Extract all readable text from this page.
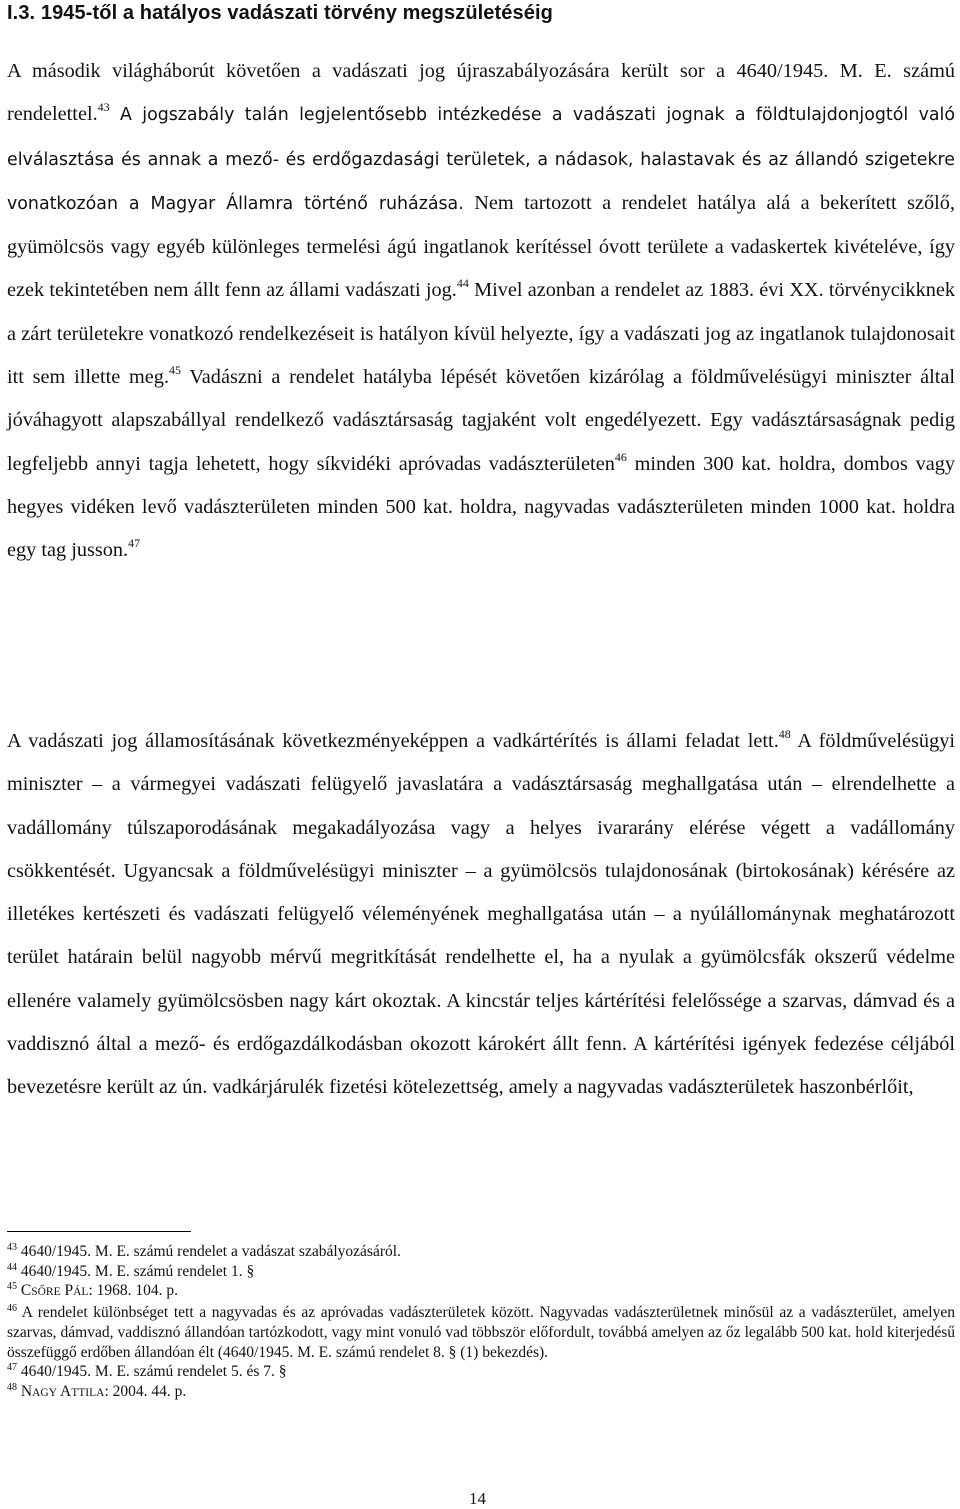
I.3. 1945-től a hatályos vadászati törvény megszületéséig
A második világháborút követően a vadászati jog újraszabályozására került sor a 4640/1945. M. E. számú rendelettel.$^{43}$ A jogszabály talán legjelentősebb intézkedése a vadászati jognak a földtulajdonjogtól való elválasztása és annak a mező- és erdőgazdasági területek, a nádasok, halastavak és az állandó szigetekre vonatkozóan a Magyar Államra történő ruházása. Nem tartozott a rendelet hatálya alá a bekerített szőlő, gyümölcsös vagy egyéb különleges termelési ágú ingatlanok kerítéssel óvott területe a vadaskertek kivételéve, így ezek tekintetében nem állt fenn az állami vadászati jog.$^{44}$ Mivel azonban a rendelet az 1883. évi XX. törvénycikknek a zárt területekre vonatkozó rendelkezéseit is hatályon kívül helyezte, így a vadászati jog az ingatlanok tulajdonosait itt sem illette meg.$^{45}$ Vadászni a rendelet hatályba lépését követően kizárólag a földművelésügyi miniszter által jóváhagyott alapszabállyal rendelkező vadásztársaság tagjaként volt engedélyezett. Egy vadásztársaságnak pedig legfeljebb annyi tagja lehetett, hogy síkvidéki apróvadas vadászterületen$^{46}$ minden 300 kat. holdra, dombos vagy hegyes vidéken levő vadászterületen minden 500 kat. holdra, nagyvadas vadászterületen minden 1000 kat. holdra egy tag jusson.$^{47}$
A vadászati jog államosításának következményeképpen a vadkártérítés is állami feladat lett.$^{48}$ A földművelésügyi miniszter – a vármegyei vadászati felügyelő javaslatára a vadásztársaság meghallgatása után – elrendelhette a vadállomány túlszaporodásának megakadályozása vagy a helyes ivararány elérése végett a vadállomány csökkentését. Ugyancsak a földművelésügyi miniszter – a gyümölcsös tulajdonosának (birtokosának) kérésére az illetékes kertészeti és vadászati felügyelő véleményének meghallgatása után – a nyúlállománynak meghatározott terület határain belül nagyobb mérvű megritkítását rendelhette el, ha a nyulak a gyümölcsfák okszerű védelme ellenére valamely gyümölcsösben nagy kárt okoztak. A kincstár teljes kártérítési felelőssége a szarvas, dámvad és a vaddisznó által a mező- és erdőgazdálkodásban okozott károkért állt fenn. A kártérítési igények fedezése céljából bevezetésre került az ún. vadkárjárulék fizetési kötelezettség, amely a nagyvadas vadászterületek haszonbérlőit,

$^{43}$ 4640/1945. M. E. számú rendelet a vadászat szabályozásáról.

$^{44}$ 4640/1945. M. E. számú rendelet 1. §

$^{45}$ CSŐRE PÁL: 1968. 104. p.

$^{46}$ A rendelet különbséget tett a nagyvadas és az apróvadas vadászterületek között. Nagyvadas vadászterületnek minősül az a vadászterület, amelyen szarvas, dámvad, vaddisznó állandóan tartózkodott, vagy mint vonuló vad többször előfordult, továbbá amelyen az őz legalább 500 kat. hold kiterjedésű összefüggő erdőben állandóan élt (4640/1945. M. E. számú rendelet 8. § (1) bekezdés).

$^{47}$ 4640/1945. M. E. számú rendelet 5. és 7. §

$^{48}$ NAGY ATTILA: 2004. 44. p.

14
